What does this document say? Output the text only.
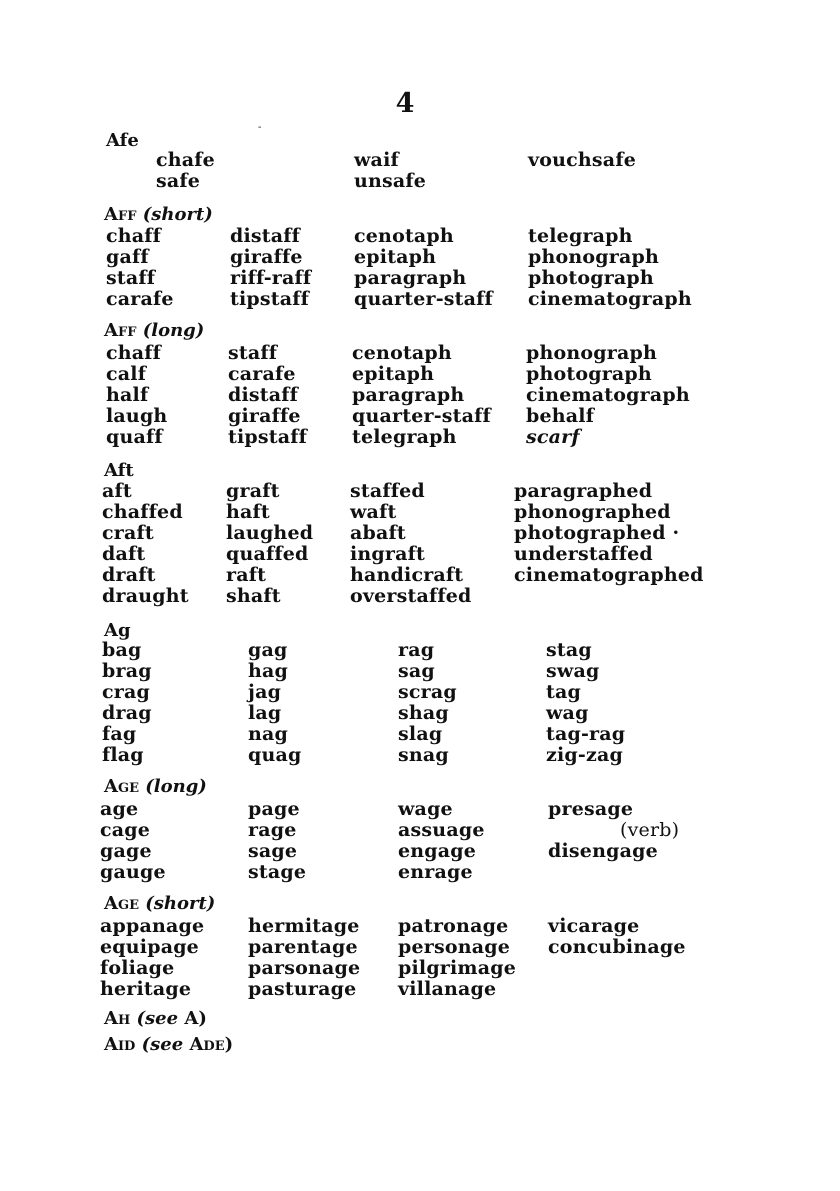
4
-
Afe
Aff (short)
Aff (long)
Aft
Ag
Age (long)
Age (short)
Ah (see A)
Aid (see Ade)
chafe	waif	vouchsafe
safe	unsafe
chaff	distaff	cenotaph	telegraph
gaff	giraffe	epitaph	phonograph
staff	riff-raff paragraph	photograph
carafe	tipstaff quarter-staff cinematograph
chaff	staff	cenotaph	phonograph
calf	carafe	epitaph	photograph
half	distaff	paragraph	cinematograph
laugh	giraffe	quarter-staff behalf
quaff	tipstaff telegraph	scarf
aft	graft	staffed	paragraphed
chaffed haft	waft	phonographed
craft	laughed abaft	photographed ·
daft	quaffed ingraft	understaffed
draft	raft	handicraft	cinematographed
draught shaft	overstaffed
bag	gag	rag	stag
brag	hag	sag	swag
crag	jag	scrag	tag
drag	lag	shag	wag
fag	nag	slag	tag-rag
flag	quag	snag	zig-zag
age	page	wage	presage
cage	rage	assuage	(verb)
gage	sage	engage	disengage
gauge	stage	enrage
appanage hermitage patronage vicarage
equipage	parentage personage concubinage
foliage	parsonage pilgrimage
heritage	pasturage villanage
